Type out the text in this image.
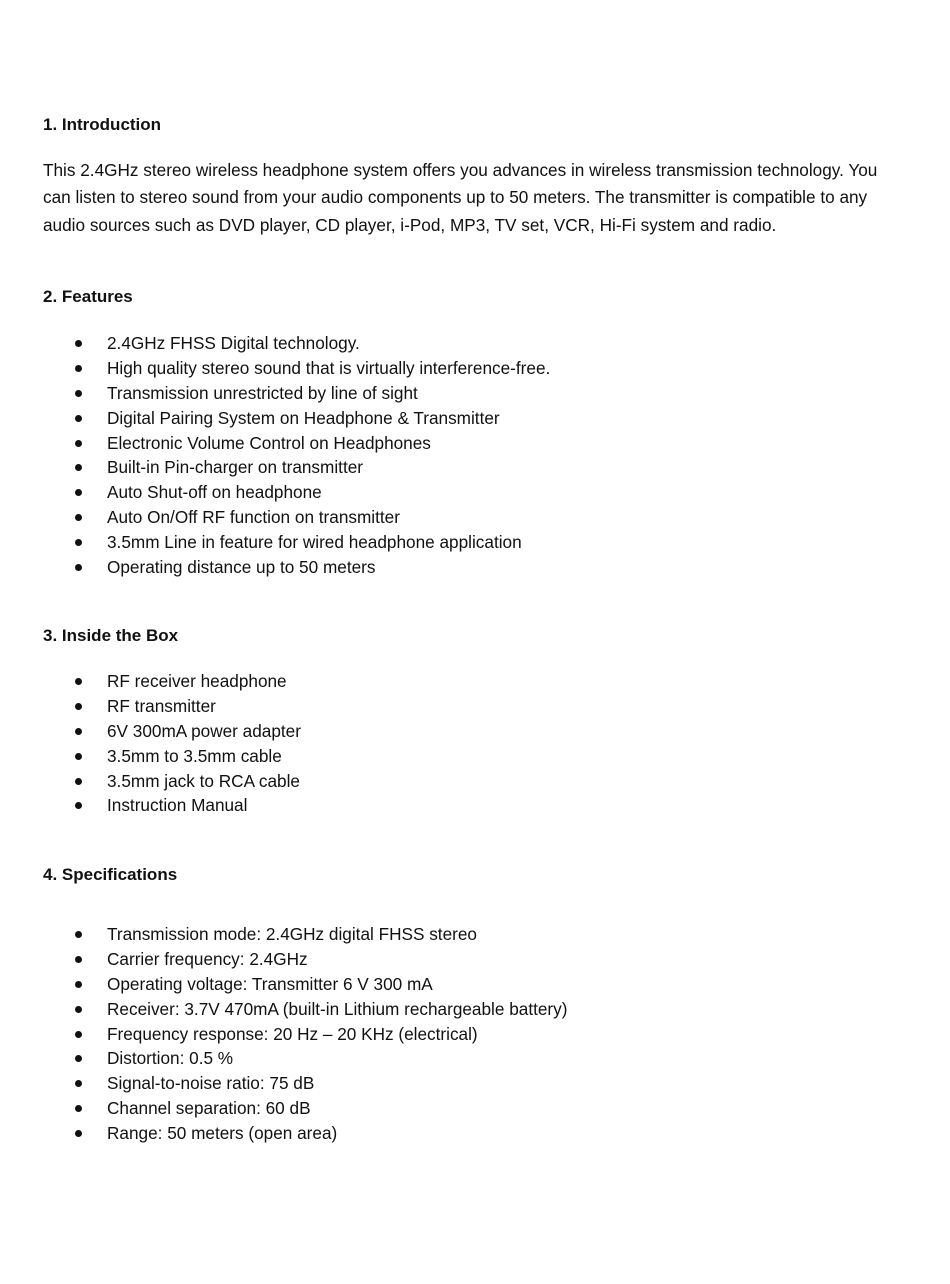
1. Introduction

This 2.4GHz stereo wireless headphone system offers you advances in wireless transmission technology. You can listen to stereo sound from your audio components up to 50 meters. The transmitter is compatible to any audio sources such as DVD player, CD player, i-Pod, MP3, TV set, VCR, Hi-Fi system and radio.

2. Features
2.4GHz FHSS Digital technology.
High quality stereo sound that is virtually interference-free.
Transmission unrestricted by line of sight
Digital Pairing System on Headphone & Transmitter
Electronic Volume Control on Headphones
Built-in Pin-charger on transmitter
Auto Shut-off on headphone
Auto On/Off RF function on transmitter
3.5mm Line in feature for wired headphone application
Operating distance up to 50 meters
3. Inside the Box
RF receiver headphone
RF transmitter
6V 300mA power adapter
3.5mm to 3.5mm cable
3.5mm jack to RCA cable
Instruction Manual
4. Specifications
Transmission mode: 2.4GHz digital FHSS stereo
Carrier frequency: 2.4GHz
Operating voltage: Transmitter 6 V 300 mA
Receiver: 3.7V 470mA (built-in Lithium rechargeable battery)
Frequency response: 20 Hz – 20 KHz (electrical)
Distortion: 0.5 %
Signal-to-noise ratio: 75 dB
Channel separation: 60 dB
Range: 50 meters (open area)
